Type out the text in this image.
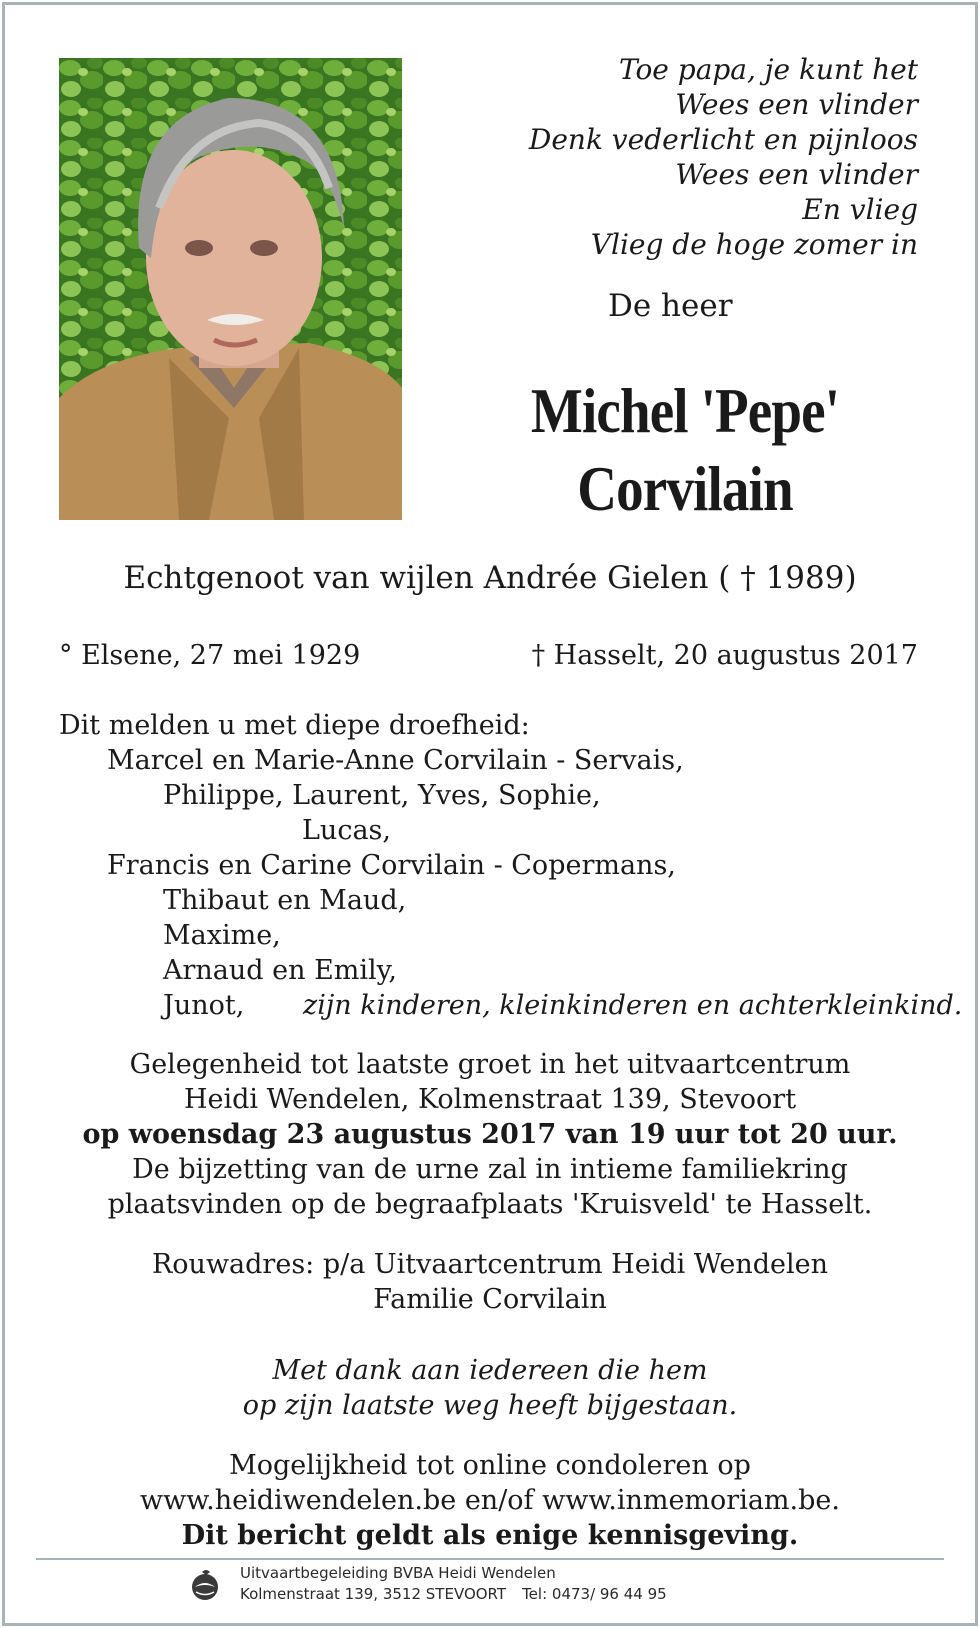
Toe papa, je kunt het
Wees een vlinder
Denk vederlicht en pijnloos
Wees een vlinder
En vlieg
Vlieg de hoge zomer in
De heer
Michel 'Pepe'
Corvilain
Echtgenoot van wijlen Andrée Gielen ( † 1989)
° Elsene, 27 mei 1929	† Hasselt, 20 augustus 2017
Dit melden u met diepe droefheid:
Marcel en Marie-Anne Corvilain - Servais,
Philippe, Laurent, Yves, Sophie,
Lucas,
Francis en Carine Corvilain - Copermans,
Thibaut en Maud,
Maxime,
Arnaud en Emily,
Junot, zijn kinderen, kleinkinderen en achterkleinkind.
Gelegenheid tot laatste groet in het uitvaartcentrum
Heidi Wendelen, Kolmenstraat 139, Stevoort
op woensdag 23 augustus 2017 van 19 uur tot 20 uur.
De bijzetting van de urne zal in intieme familiekring
plaatsvinden op de begraafplaats 'Kruisveld' te Hasselt.
Rouwadres: p/a Uitvaartcentrum Heidi Wendelen
Familie Corvilain
Met dank aan iedereen die hem
op zijn laatste weg heeft bijgestaan.
Mogelijkheid tot online condoleren op
www.heidiwendelen.be en/of www.inmemoriam.be.
Dit bericht geldt als enige kennisgeving.
Uitvaartbegeleiding BVBA Heidi Wendelen
Kolmenstraat 139, 3512 STEVOORT Tel: 0473/ 96 44 95
